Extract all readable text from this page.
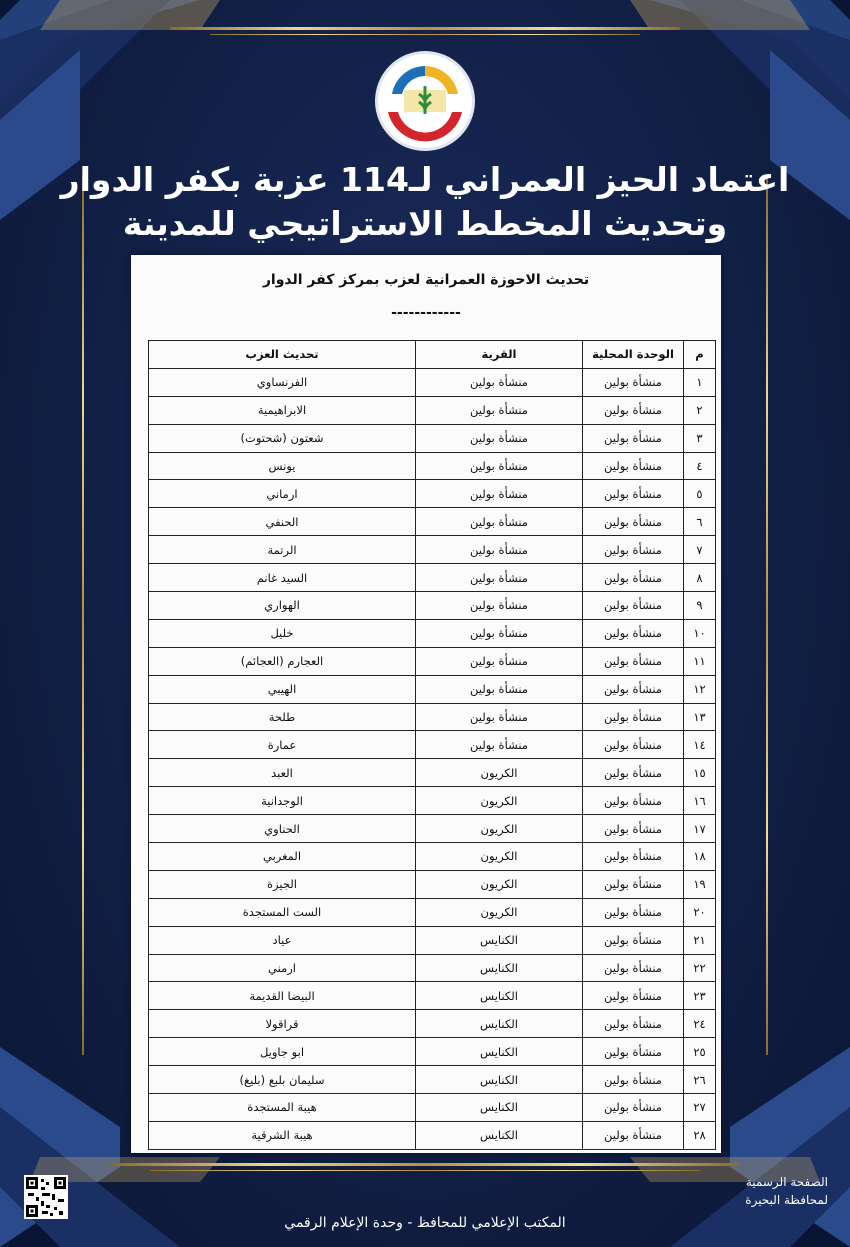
البحيرة
اعتماد الحيز العمراني لـ114 عزبة بكفر الدوار
وتحديث المخطط الاستراتيجي للمدينة
تحديث الاحوزة العمرانية لعزب بمركز كفر الدوار
------------
م	الوحدة المحلية	القرية	تحديث العزب
١	منشأة بولين	منشأة بولين	الفرنساوي
٢	منشأة بولين	منشأة بولين	الابراهيمية
٣	منشأة بولين	منشأة بولين	شعتون (شحتوت)
٤	منشأة بولين	منشأة بولين	يونس
٥	منشأة بولين	منشأة بولين	ارماني
٦	منشأة بولين	منشأة بولين	الحنفي
٧	منشأة بولين	منشأة بولين	الرتمة
٨	منشأة بولين	منشأة بولين	السيد غانم
٩	منشأة بولين	منشأة بولين	الهواري
١٠	منشأة بولين	منشأة بولين	خليل
١١	منشأة بولين	منشأة بولين	العجارم (العجائم)
١٢	منشأة بولين	منشأة بولين	الهيبي
١٣	منشأة بولين	منشأة بولين	طلحة
١٤	منشأة بولين	منشأة بولين	عمارة
١٥	منشأة بولين	الكريون	العبد
١٦	منشأة بولين	الكريون	الوجدانية
١٧	منشأة بولين	الكريون	الحناوي
١٨	منشأة بولين	الكريون	المغربي
١٩	منشأة بولين	الكريون	الجيزة
٢٠	منشأة بولين	الكريون	الست المستجدة
٢١	منشأة بولين	الكنايس	عياد
٢٢	منشأة بولين	الكنايس	ارمني
٢٣	منشأة بولين	الكنايس	البيضا القديمة
٢٤	منشأة بولين	الكنايس	قراقولا
٢٥	منشأة بولين	الكنايس	ابو جاويل
٢٦	منشأة بولين	الكنايس	سليمان بلبع (بليغ)
٢٧	منشأة بولين	الكنايس	هيبة المستجدة
٢٨	منشأة بولين	الكنايس	هيبة الشرقية
الصفحة الرسمية
لمحافظة البحيرة
المكتب الإعلامي للمحافظ - وحدة الإعلام الرقمي
